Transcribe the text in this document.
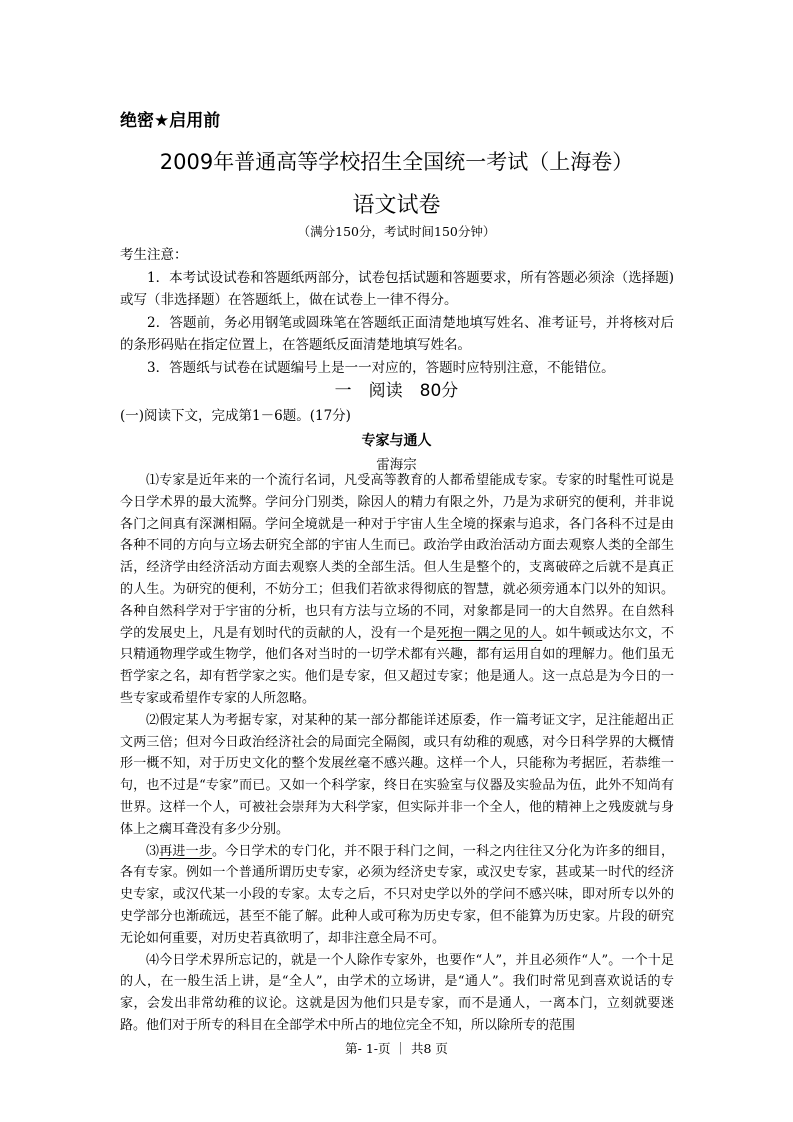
绝密★启用前
2009年普通高等学校招生全国统一考试（上海卷）
语文试卷
（满分150分，考试时间150分钟）

考生注意：

1．本考试设试卷和答题纸两部分，试卷包括试题和答题要求，所有答题必须涂（选择题)或写（非选择题）在答题纸上，做在试卷上一律不得分。

2．答题前，务必用钢笔或圆珠笔在答题纸正面清楚地填写姓名、准考证号，并将核对后的条形码贴在指定位置上，在答题纸反面清楚地填写姓名。

3．答题纸与试卷在试题编号上是一一对应的，答题时应特别注意，不能错位。

一　阅读　80分
(一)阅读下文，完成第1－6题。(17分)
专家与通人
雷海宗

⑴专家是近年来的一个流行名词，凡受高等教育的人都希望能成专家。专家的时髦性可说是今日学术界的最大流弊。学问分门别类，除因人的精力有限之外，乃是为求研究的便利，并非说各门之间真有深渊相隔。学问全境就是一种对于宇宙人生全境的探索与追求，各门各科不过是由各种不同的方向与立场去研究全部的宇宙人生而已。政治学由政治活动方面去观察人类的全部生活，经济学由经济活动方面去观察人类的全部生活。但人生是整个的，支离破碎之后就不是真正的人生。为研究的便利，不妨分工；但我们若欲求得彻底的智慧，就必须旁通本门以外的知识。各种自然科学对于宇宙的分析，也只有方法与立场的不同，对象都是同一的大自然界。在自然科学的发展史上，凡是有划时代的贡献的人，没有一个是死抱一隅之见的人。如牛顿或达尔文，不只精通物理学或生物学，他们各对当时的一切学术都有兴趣，都有运用自如的理解力。他们虽无哲学家之名，却有哲学家之实。他们是专家，但又超过专家；他是通人。这一点总是为今日的一些专家或希望作专家的人所忽略。

⑵假定某人为考据专家，对某种的某一部分都能详述原委，作一篇考证文字，足注能超出正文两三倍；但对今日政治经济社会的局面完全隔阂，或只有幼稚的观感，对今日科学界的大概情形一概不知，对于历史文化的整个发展丝毫不感兴趣。这样一个人，只能称为考据匠，若恭维一句，也不过是“专家”而已。又如一个科学家，终日在实验室与仪器及实验品为伍，此外不知尚有世界。这样一个人，可被社会崇拜为大科学家，但实际并非一个全人，他的精神上之残废就与身体上之瘸耳聋没有多少分别。

⑶再进一步。今日学术的专门化，并不限于科门之间，一科之内往往又分化为许多的细目，各有专家。例如一个普通所谓历史专家，必须为经济史专家，或汉史专家，甚或某一时代的经济史专家，或汉代某一小段的专家。太专之后，不只对史学以外的学问不感兴味，即对所专以外的史学部分也渐疏远，甚至不能了解。此种人或可称为历史专家，但不能算为历史家。片段的研究无论如何重要，对历史若真欲明了，却非注意全局不可。

⑷今日学术界所忘记的，就是一个人除作专家外，也要作“人”，并且必须作“人”。一个十足的人，在一般生活上讲，是“全人”，由学术的立场讲，是“通人”。我们时常见到喜欢说话的专家，会发出非常幼稚的议论。这就是因为他们只是专家，而不是通人，一离本门，立刻就要迷路。他们对于所专的科目在全部学术中所占的地位完全不知，所以除所专的范围

第- 1-页 ｜ 共8 页
